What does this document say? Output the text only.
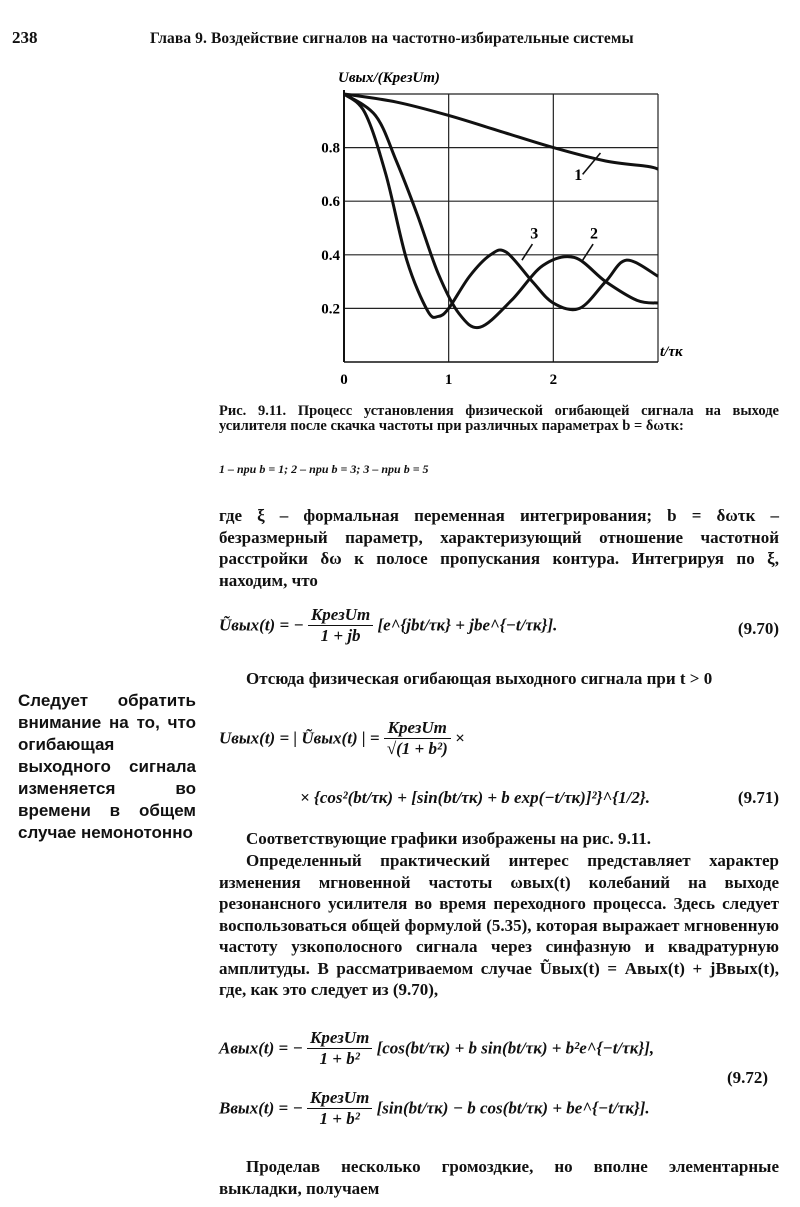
238	Глава 9. Воздействие сигналов на частотно-избирательные системы
0.2
0.4
0.6
0.8
0	1	2
Uвых/(KрезUm)
t/τк
1
2
3
Рис. 9.11. Процесс установления физической огибающей сигнала на выходе усилителя после скачка частоты при различных параметрах b = δωτк:
1 – при b = 1; 2 – при b = 3; 3 – при b = 5
где ξ – формальная переменная интегрирования; b = δωτк – безразмерный параметр, характеризующий отношение частотной расстройки δω к полосе пропускания контура. Интегрируя по ξ, находим, что
Ũвых(t) = − $\frac{\text{KрезUm}}{1 + jb}$ [e^{jbt/τк} + jbe^{−t/τк}].	(9.70)
Отсюда физическая огибающая выходного сигнала при t > 0
Следует обратить внимание на то, что огибающая выходного сигнала изменяется во времени в общем случае немонотонно
Uвых(t) = | Ũвых(t) | = $\frac{\text{KрезUm}}{\text{√(1 + b²)}}$ ×
× {cos²(bt/τк) + [sin(bt/τк) + b exp(−t/τк)]²}^{1/2}.	(9.71)
Соответствующие графики изображены на рис. 9.11.
Определенный практический интерес представляет характер изменения мгновенной частоты ωвых(t) колебаний на выходе резонансного усилителя во время переходного процесса. Здесь следует воспользоваться общей формулой (5.35), которая выражает мгновенную частоту узкополосного сигнала через синфазную и квадратурную амплитуды. В рассматриваемом случае Ũвых(t) = Aвых(t) + jBвых(t), где, как это следует из (9.70),
Aвых(t) = − $\frac{\text{KрезUm}}{\text{1 + b²}} [\cos(bt/\tau к) + b$ sin(bt/τк) + b²e^{−t/τк}],
(9.72)
Bвых(t) = − $\frac{\text{KрезUm}}{\text{1 + b²}} [\sin(bt/\tau к) - b$ cos(bt/τк) + be^{−t/τк}].
Проделав несколько громоздкие, но вполне элементарные выкладки, получаем
